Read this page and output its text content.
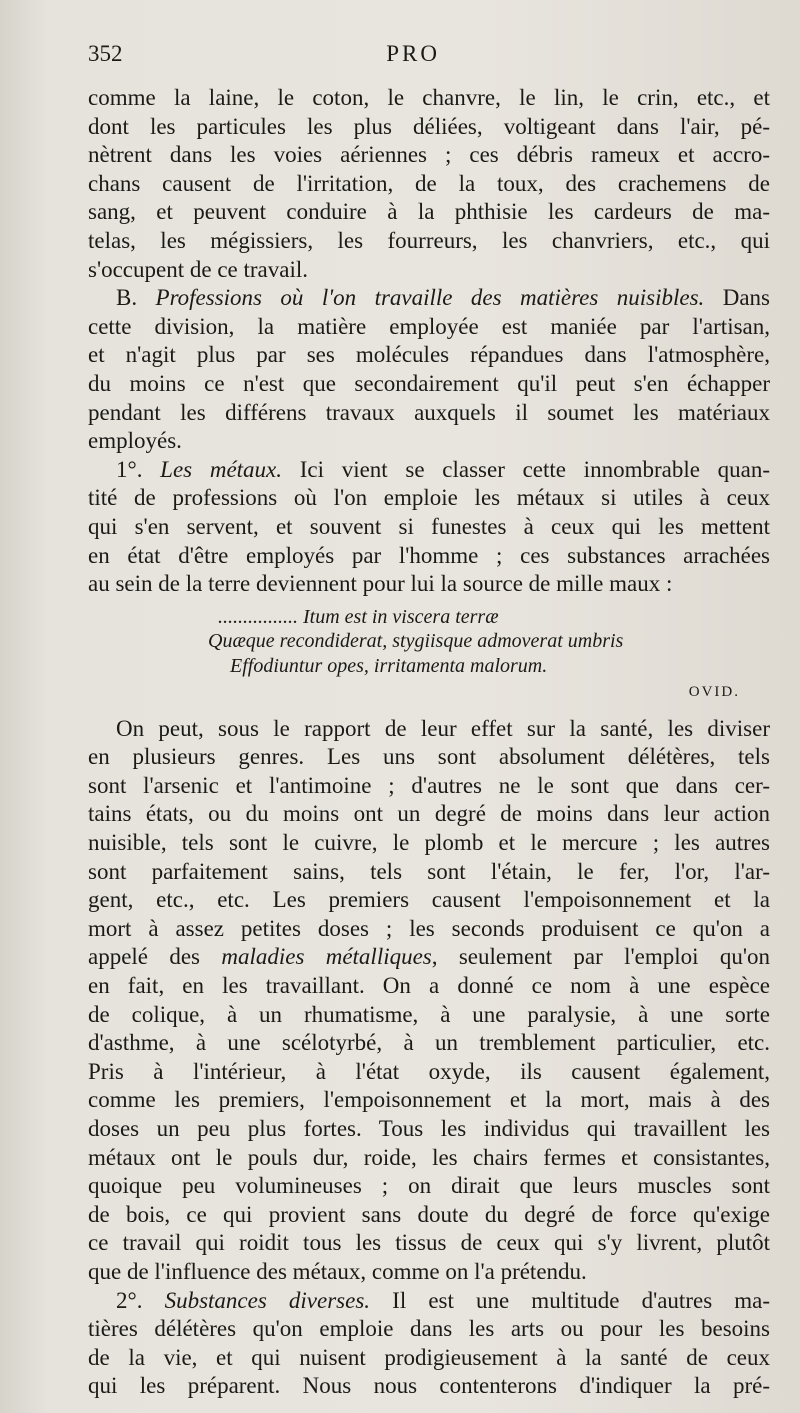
352	PRO
comme la laine, le coton, le chanvre, le lin, le crin, etc., et
dont les particules les plus déliées, voltigeant dans l'air, pé-
nètrent dans les voies aériennes ; ces débris rameux et accro-
chans causent de l'irritation, de la toux, des crachemens de
sang, et peuvent conduire à la phthisie les cardeurs de ma-
telas, les mégissiers, les fourreurs, les chanvriers, etc., qui
s'occupent de ce travail.
B. Professions où l'on travaille des matières nuisibles. Dans
cette division, la matière employée est maniée par l'artisan,
et n'agit plus par ses molécules répandues dans l'atmosphère,
du moins ce n'est que secondairement qu'il peut s'en échapper
pendant les différens travaux auxquels il soumet les matériaux
employés.
1°. Les métaux. Ici vient se classer cette innombrable quan-
tité de professions où l'on emploie les métaux si utiles à ceux
qui s'en servent, et souvent si funestes à ceux qui les mettent
en état d'être employés par l'homme ; ces substances arrachées
au sein de la terre deviennent pour lui la source de mille maux :
................ Itum est in viscera terræ
Quæque recondiderat, stygiisque admoverat umbris
Effodiuntur opes, irritamenta malorum.
OVID.
On peut, sous le rapport de leur effet sur la santé, les diviser
en plusieurs genres. Les uns sont absolument délétères, tels
sont l'arsenic et l'antimoine ; d'autres ne le sont que dans cer-
tains états, ou du moins ont un degré de moins dans leur action
nuisible, tels sont le cuivre, le plomb et le mercure ; les autres
sont parfaitement sains, tels sont l'étain, le fer, l'or, l'ar-
gent, etc., etc. Les premiers causent l'empoisonnement et la
mort à assez petites doses ; les seconds produisent ce qu'on a
appelé des maladies métalliques, seulement par l'emploi qu'on
en fait, en les travaillant. On a donné ce nom à une espèce
de colique, à un rhumatisme, à une paralysie, à une sorte
d'asthme, à une scélotyrbé, à un tremblement particulier, etc.
Pris à l'intérieur, à l'état oxyde, ils causent également,
comme les premiers, l'empoisonnement et la mort, mais à des
doses un peu plus fortes. Tous les individus qui travaillent les
métaux ont le pouls dur, roide, les chairs fermes et consistantes,
quoique peu volumineuses ; on dirait que leurs muscles sont
de bois, ce qui provient sans doute du degré de force qu'exige
ce travail qui roidit tous les tissus de ceux qui s'y livrent, plutôt
que de l'influence des métaux, comme on l'a prétendu.
2°. Substances diverses. Il est une multitude d'autres ma-
tières délétères qu'on emploie dans les arts ou pour les besoins
de la vie, et qui nuisent prodigieusement à la santé de ceux
qui les préparent. Nous nous contenterons d'indiquer la pré-
